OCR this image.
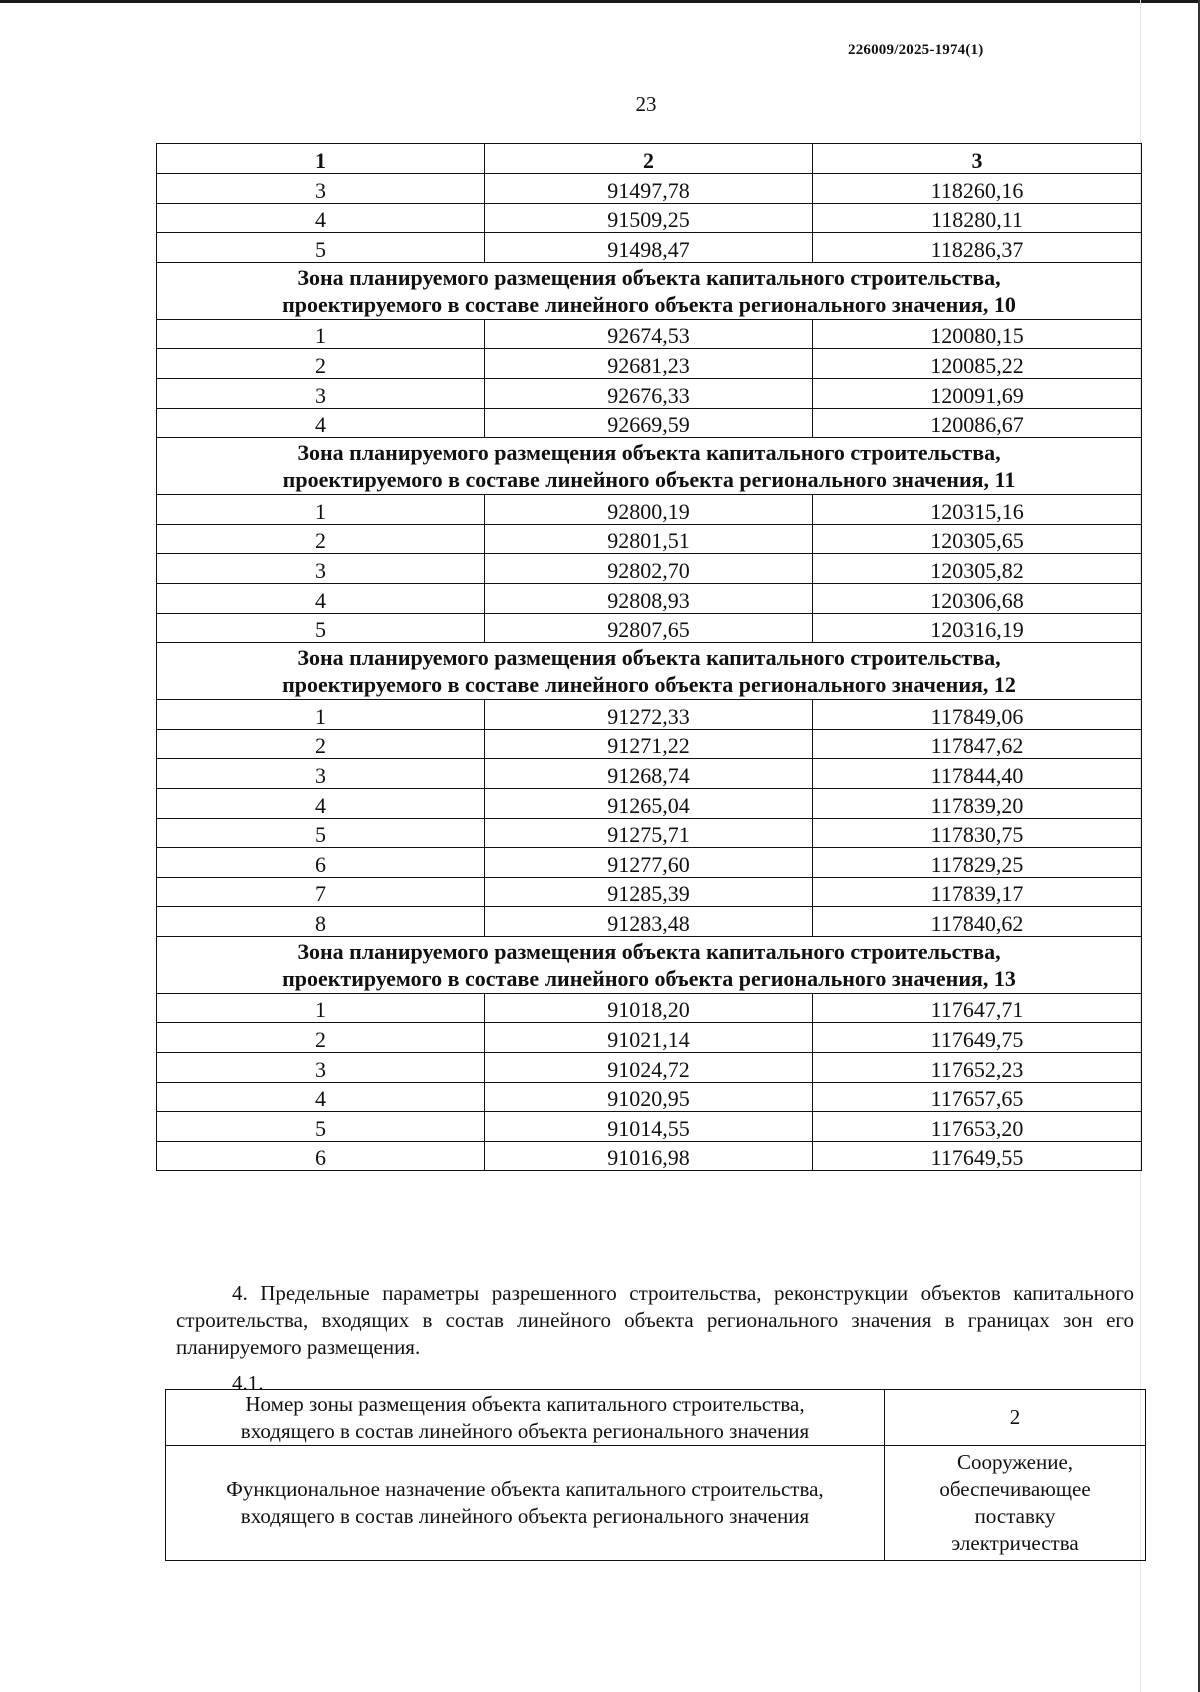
226009/2025-1974(1)
23
1	2	3
3	91497,78	118260,16
4	91509,25	118280,11
5	91498,47	118286,37
Зона планируемого размещения объекта капитального строительства,
проектируемого в составе линейного объекта регионального значения, 10		
1	92674,53	120080,15
2	92681,23	120085,22
3	92676,33	120091,69
4	92669,59	120086,67
Зона планируемого размещения объекта капитального строительства,
проектируемого в составе линейного объекта регионального значения, 11		
1	92800,19	120315,16
2	92801,51	120305,65
3	92802,70	120305,82
4	92808,93	120306,68
5	92807,65	120316,19
Зона планируемого размещения объекта капитального строительства,
проектируемого в составе линейного объекта регионального значения, 12		
1	91272,33	117849,06
2	91271,22	117847,62
3	91268,74	117844,40
4	91265,04	117839,20
5	91275,71	117830,75
6	91277,60	117829,25
7	91285,39	117839,17
8	91283,48	117840,62
Зона планируемого размещения объекта капитального строительства,
проектируемого в составе линейного объекта регионального значения, 13		
1	91018,20	117647,71
2	91021,14	117649,75
3	91024,72	117652,23
4	91020,95	117657,65
5	91014,55	117653,20
6	91016,98	117649,55
4. Предельные параметры разрешенного строительства, реконструкции объектов капитального строительства, входящих в состав линейного объекта регионального значения в границах зон его планируемого размещения.
4.1.
Номер зоны размещения объекта капитального строительства,
входящего в состав линейного объекта регионального значения	2
Функциональное назначение объекта капитального строительства,
входящего в состав линейного объекта регионального значения	Сооружение,
обеспечивающее
поставку
электричества
